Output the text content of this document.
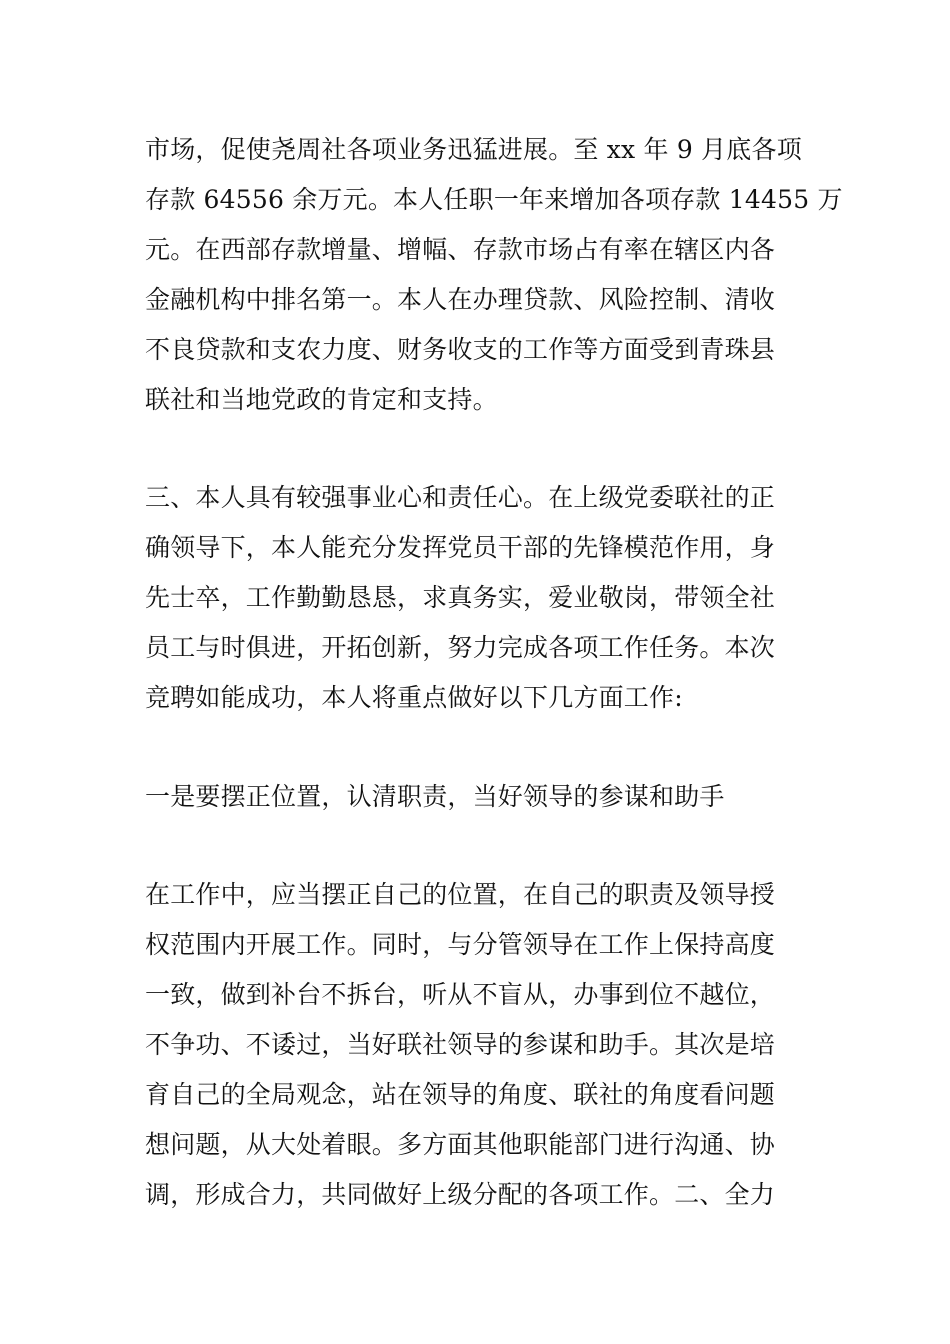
市场，促使尧周社各项业务迅猛进展。至 xx 年 9 月底各项
存款 64556 余万元。本人任职一年来增加各项存款 14455 万
元。在西部存款增量、增幅、存款市场占有率在辖区内各
金融机构中排名第一。本人在办理贷款、风险控制、清收
不良贷款和支农力度、财务收支的工作等方面受到青珠县
联社和当地党政的肯定和支持。
三、本人具有较强事业心和责任心。在上级党委联社的正
确领导下，本人能充分发挥党员干部的先锋模范作用，身
先士卒，工作勤勤恳恳，求真务实，爱业敬岗，带领全社
员工与时俱进，开拓创新，努力完成各项工作任务。本次
竞聘如能成功，本人将重点做好以下几方面工作:
一是要摆正位置，认清职责，当好领导的参谋和助手
在工作中，应当摆正自己的位置，在自己的职责及领导授
权范围内开展工作。同时，与分管领导在工作上保持高度
一致，做到补台不拆台，听从不盲从，办事到位不越位，
不争功、不诿过，当好联社领导的参谋和助手。其次是培
育自己的全局观念，站在领导的角度、联社的角度看问题
想问题，从大处着眼。多方面其他职能部门进行沟通、协
调，形成合力，共同做好上级分配的各项工作。二、全力
